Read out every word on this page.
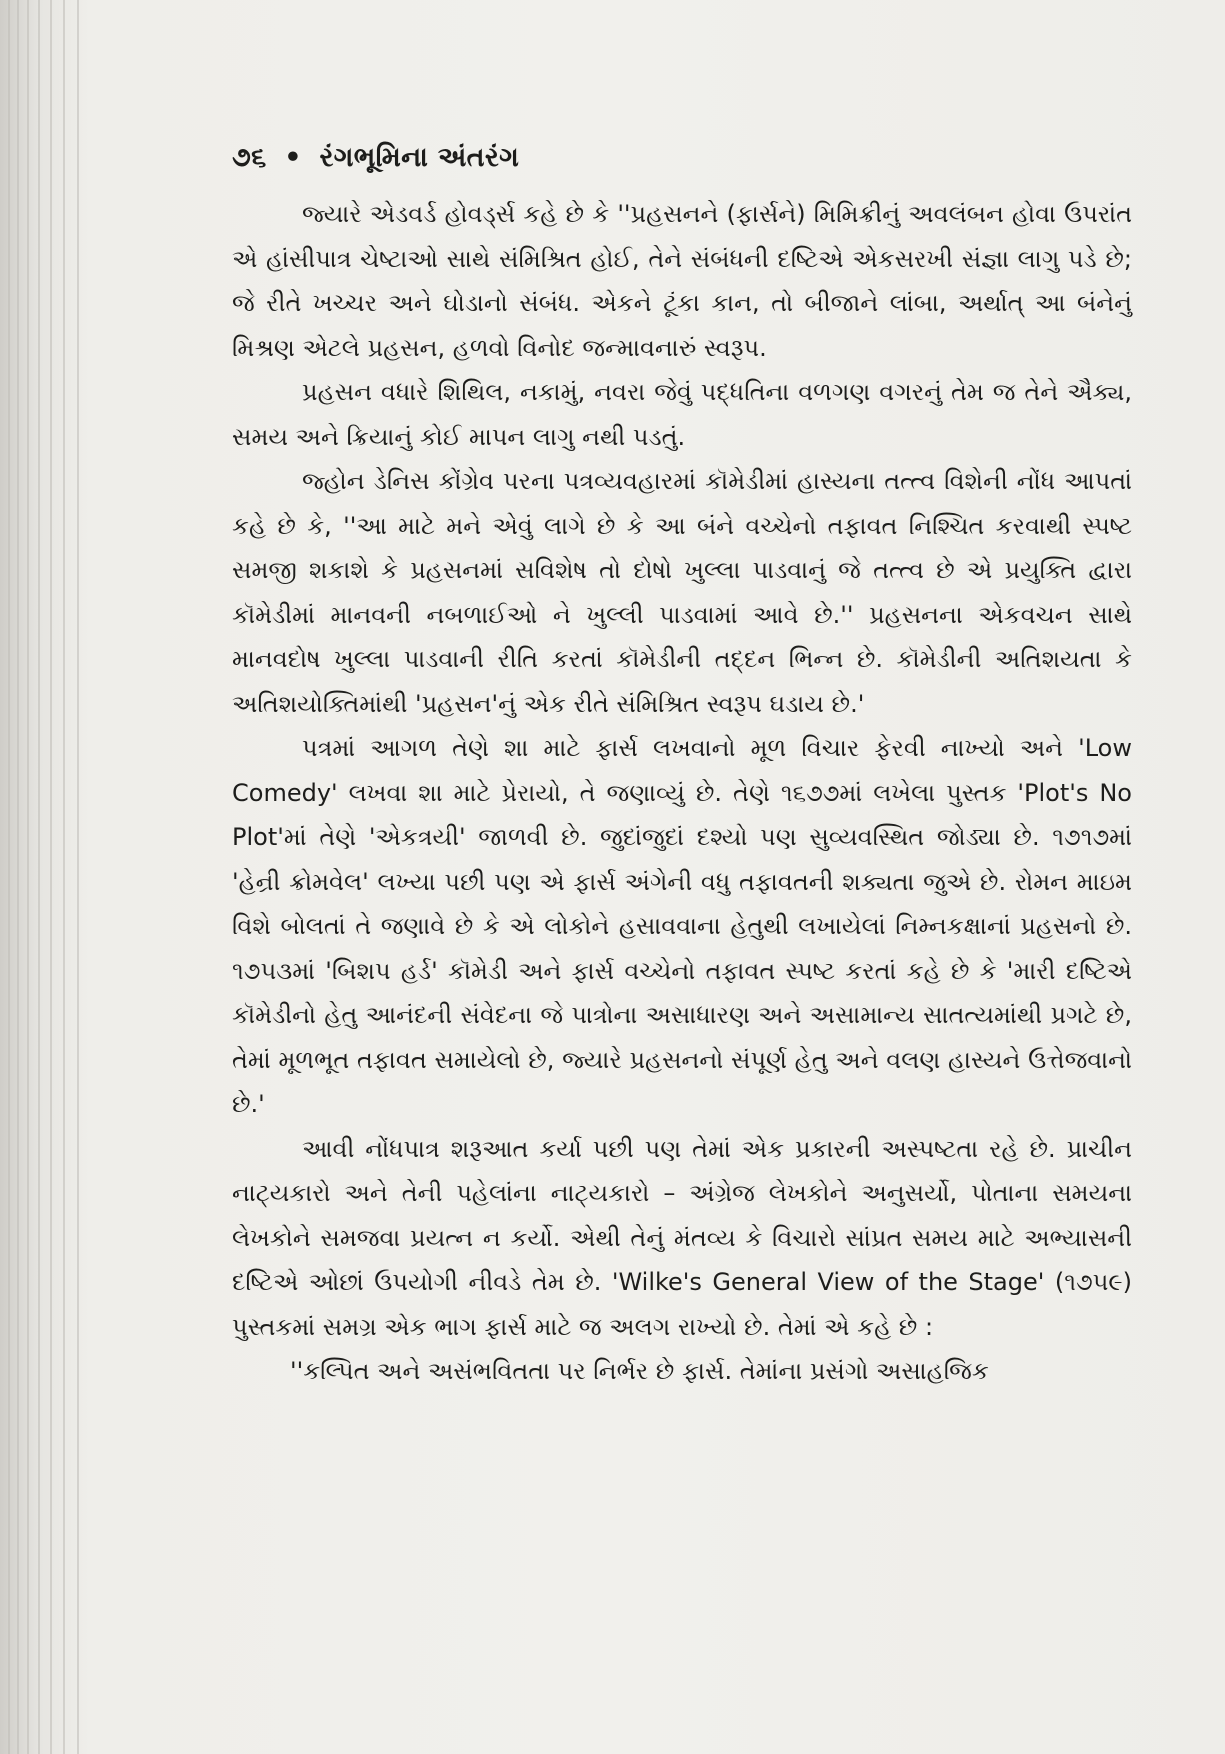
૭૬ • રંગભૂમિના અંતરંગ

જ્યારે એડવર્ડ હોવર્ડ્સ કહે છે કે ''પ્રહસનને (ફાર્સને) મિમિક્રીનું અવલંબન હોવા ઉપરાંત એ હાંસીપાત્ર ચેષ્ટાઓ સાથે સંમિશ્રિત હોઈ, તેને સંબંધની દષ્ટિએ એકસરખી સંજ્ઞા લાગુ પડે છે; જે રીતે ખચ્ચર અને ઘોડાનો સંબંધ. એકને ટૂંકા કાન, તો બીજાને લાંબા, અર્થાત્ આ બંનેનું મિશ્રણ એટલે પ્રહસન, હળવો વિનોદ જન્માવનારું સ્વરૂપ.

પ્રહસન વધારે શિથિલ, નકામું, નવરા જેવું પદ્ધતિના વળગણ વગરનું તેમ જ તેને ઐક્ય, સમય અને ક્રિયાનું કોઈ માપન લાગુ નથી પડતું.

જ્હોન ડેનિસ કોંગ્રેવ પરના પત્રવ્યવહારમાં કૉમેડીમાં હાસ્યના તત્ત્વ વિશેની નોંધ આપતાં કહે છે કે, ''આ માટે મને એવું લાગે છે કે આ બંને વચ્ચેનો તફાવત નિશ્ચિત કરવાથી સ્પષ્ટ સમજી શકાશે કે પ્રહસનમાં સવિશેષ તો દોષો ખુલ્લા પાડવાનું જે તત્ત્વ છે એ પ્રયુક્તિ દ્વારા કૉમેડીમાં માનવની નબળાઈઓ ને ખુલ્લી પાડવામાં આવે છે.'' પ્રહસનના એકવચન સાથે માનવદોષ ખુલ્લા પાડવાની રીતિ કરતાં કૉમેડીની તદ્દન ભિન્ન છે. કૉમેડીની અતિશયતા કે અતિશયોક્તિમાંથી 'પ્રહસન'નું એક રીતે સંમિશ્રિત સ્વરૂપ ઘડાય છે.'

પત્રમાં આગળ તેણે શા માટે ફાર્સ લખવાનો મૂળ વિચાર ફેરવી નાખ્યો અને 'Low Comedy' લખવા શા માટે પ્રેરાયો, તે જણાવ્યું છે. તેણે ૧૬૭૭માં લખેલા પુસ્તક 'Plot's No Plot'માં તેણે 'એકત્રયી' જાળવી છે. જુદાંજુદાં દશ્યો પણ સુવ્યવસ્થિત જોડ્યા છે. ૧૭૧૭માં 'હેન્રી ક્રોમવેલ' લખ્યા પછી પણ એ ફાર્સ અંગેની વધુ તફાવતની શક્યતા જુએ છે. રોમન માઇમ વિશે બોલતાં તે જણાવે છે કે એ લોકોને હસાવવાના હેતુથી લખાયેલાં નિમ્નકક્ષાનાં પ્રહસનો છે. ૧૭૫૩માં 'બિશપ હર્ડ' કૉમેડી અને ફાર્સ વચ્ચેનો તફાવત સ્પષ્ટ કરતાં કહે છે કે 'મારી દષ્ટિએ કૉમેડીનો હેતુ આનંદની સંવેદના જે પાત્રોના અસાધારણ અને અસામાન્ય સાતત્યમાંથી પ્રગટે છે, તેમાં મૂળભૂત તફાવત સમાયેલો છે, જ્યારે પ્રહસનનો સંપૂર્ણ હેતુ અને વલણ હાસ્યને ઉત્તેજવાનો છે.'

આવી નોંધપાત્ર શરૂઆત કર્યા પછી પણ તેમાં એક પ્રકારની અસ્પષ્ટતા રહે છે. પ્રાચીન નાટ્યકારો અને તેની પહેલાંના નાટ્યકારો – અંગ્રેજ લેખકોને અનુસર્યો, પોતાના સમયના લેખકોને સમજવા પ્રયત્ન ન કર્યો. એથી તેનું મંતવ્ય કે વિચારો સાંપ્રત સમય માટે અભ્યાસની દષ્ટિએ ઓછાં ઉપયોગી નીવડે તેમ છે. 'Wilke's General View of the Stage' (૧૭૫૯) પુસ્તકમાં સમગ્ર એક ભાગ ફાર્સ માટે જ અલગ રાખ્યો છે. તેમાં એ કહે છે :

''કલ્પિત અને અસંભવિતતા પર નિર્ભર છે ફાર્સ. તેમાંના પ્રસંગો અસાહજિક
